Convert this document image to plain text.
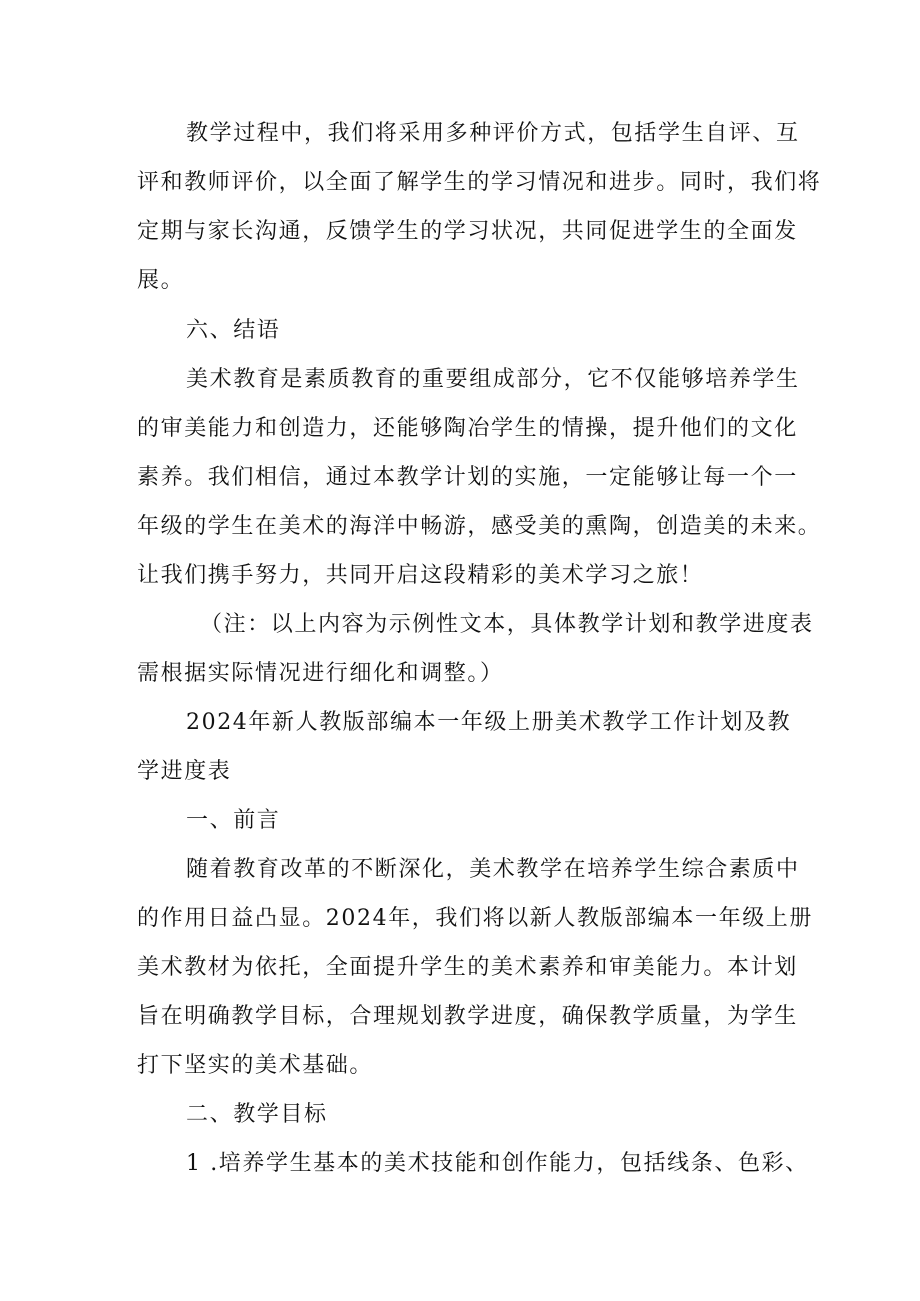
教学过程中，我们将采用多种评价方式，包括学生自评、互
评和教师评价，以全面了解学生的学习情况和进步。同时，我们将
定期与家长沟通，反馈学生的学习状况，共同促进学生的全面发
展。
六、结语
美术教育是素质教育的重要组成部分，它不仅能够培养学生
的审美能力和创造力，还能够陶冶学生的情操，提升他们的文化
素养。我们相信，通过本教学计划的实施，一定能够让每一个一
年级的学生在美术的海洋中畅游，感受美的熏陶，创造美的未来。
让我们携手努力，共同开启这段精彩的美术学习之旅！
（注：以上内容为示例性文本，具体教学计划和教学进度表
需根据实际情况进行细化和调整。）
2024年新人教版部编本一年级上册美术教学工作计划及教
学进度表
一、前言
随着教育改革的不断深化，美术教学在培养学生综合素质中
的作用日益凸显。2024年，我们将以新人教版部编本一年级上册
美术教材为依托，全面提升学生的美术素养和审美能力。本计划
旨在明确教学目标，合理规划教学进度，确保教学质量，为学生
打下坚实的美术基础。
二、教学目标
1 .培养学生基本的美术技能和创作能力，包括线条、色彩、
